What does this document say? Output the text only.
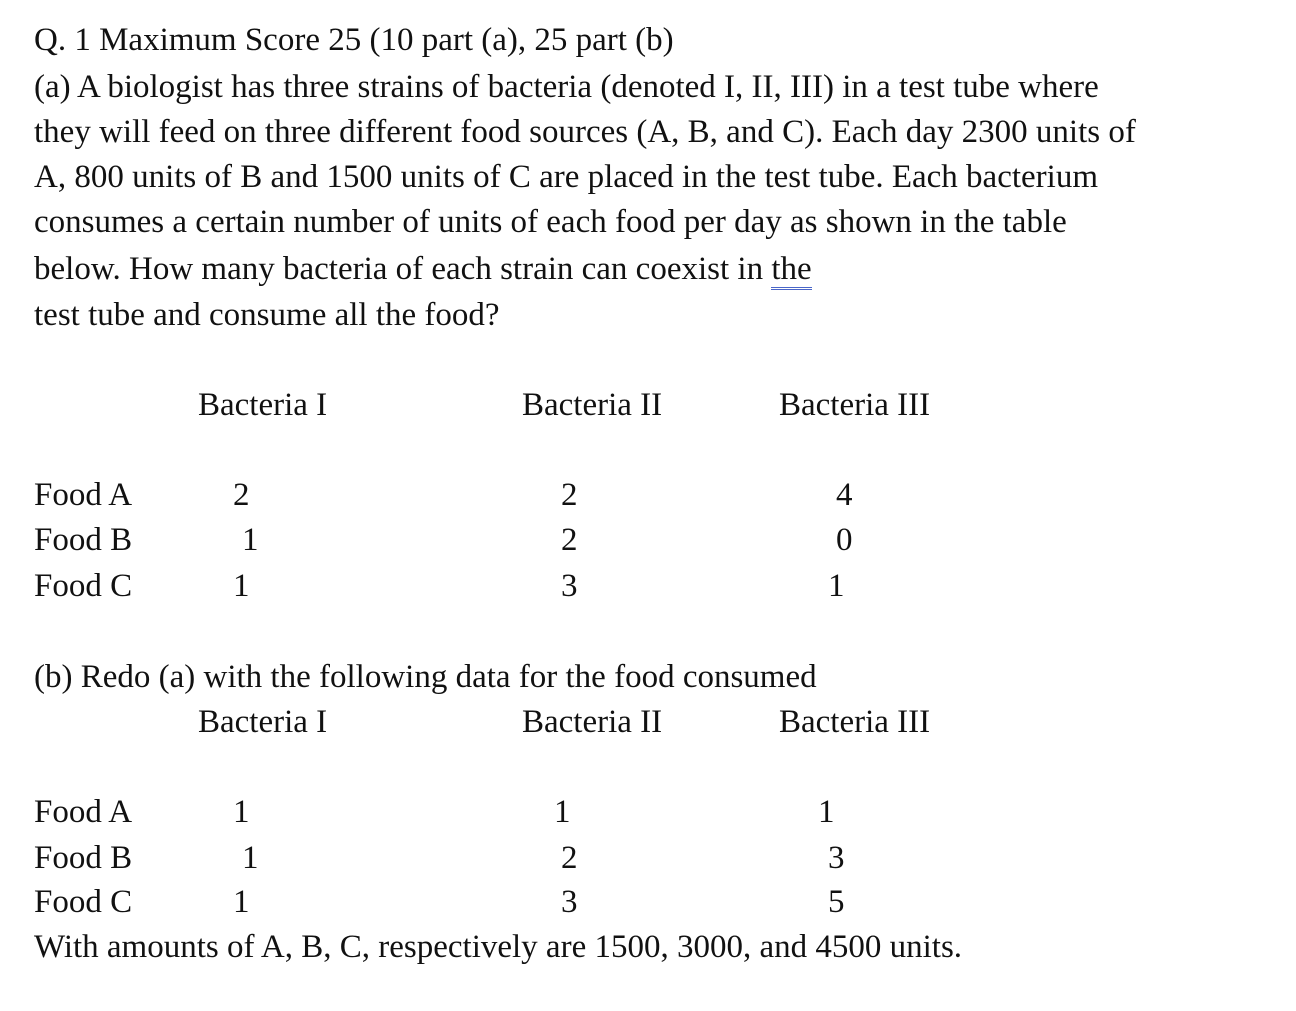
Q. 1 Maximum Score 25 (10 part (a), 25 part (b)
(a) A biologist has three strains of bacteria (denoted I, II, III) in a test tube where
they will feed on three different food sources (A, B, and C). Each day 2300 units of
A, 800 units of B and 1500 units of C are placed in the test tube. Each bacterium
consumes a certain number of units of each food per day as shown in the table
below. How many bacteria of each strain can coexist in the
test tube and consume all the food?
Bacteria I	Bacteria II	Bacteria III
Food A	2	2	4
Food B	1	2	0
Food C	1	3	1
(b) Redo (a) with the following data for the food consumed
Bacteria I	Bacteria II	Bacteria III
Food A	1	1	1
Food B	1	2	3
Food C	1	3	5
With amounts of A, B, C, respectively are 1500, 3000, and 4500 units.
